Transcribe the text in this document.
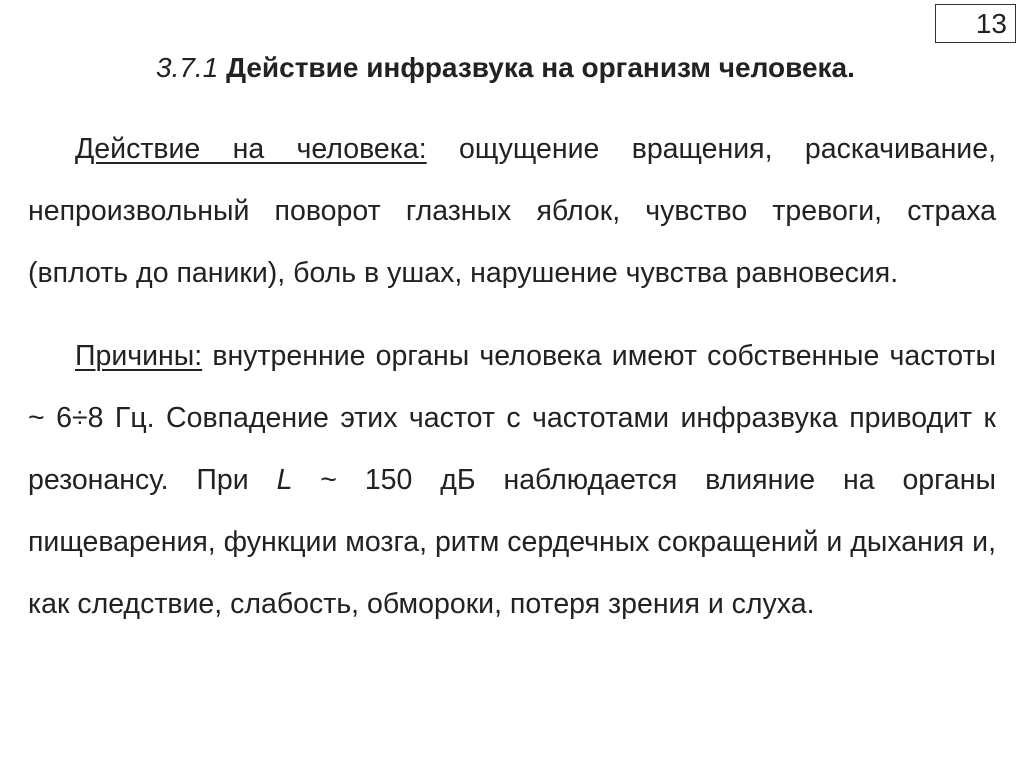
13
3.7.1 Действие инфразвука на организм человека.
Действие на человека: ощущение вращения, раскачивание, непроизвольный поворот глазных яблок, чувство тревоги, страха (вплоть до паники), боль в ушах, нарушение чувства равновесия.
Причины: внутренние органы человека имеют собственные частоты ~ 6÷8 Гц. Совпадение этих частот с частотами инфразвука приводит к резонансу. При L ~ 150 дБ наблюдается влияние на органы пищеварения, функции мозга, ритм сердечных сокращений и дыхания и, как следствие, слабость, обмороки, потеря зрения и слуха.
